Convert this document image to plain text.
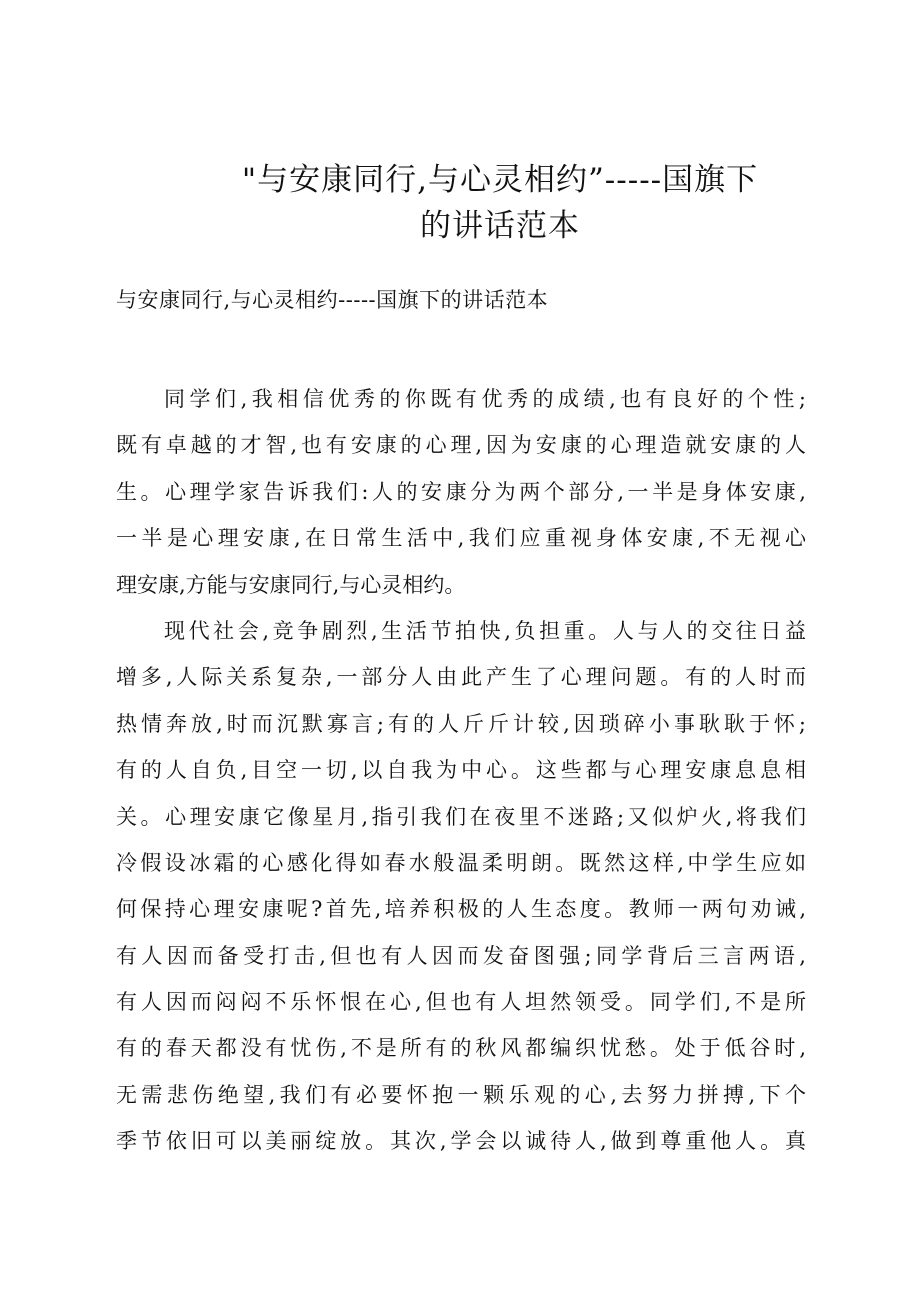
"与安康同行,与心灵相约”-----国旗下
的讲话范本
与安康同行,与心灵相约-----国旗下的讲话范本
同学们,我相信优秀的你既有优秀的成绩,也有良好的个性;
既有卓越的才智,也有安康的心理,因为安康的心理造就安康的人
生。心理学家告诉我们:人的安康分为两个部分,一半是身体安康,
一半是心理安康,在日常生活中,我们应重视身体安康,不无视心
理安康,方能与安康同行,与心灵相约。
现代社会,竞争剧烈,生活节拍快,负担重。人与人的交往日益
增多,人际关系复杂,一部分人由此产生了心理问题。有的人时而
热情奔放,时而沉默寡言;有的人斤斤计较,因琐碎小事耿耿于怀;
有的人自负,目空一切,以自我为中心。这些都与心理安康息息相
关。心理安康它像星月,指引我们在夜里不迷路;又似炉火,将我们
冷假设冰霜的心感化得如春水般温柔明朗。既然这样,中学生应如
何保持心理安康呢?首先,培养积极的人生态度。教师一两句劝诫,
有人因而备受打击,但也有人因而发奋图强;同学背后三言两语,
有人因而闷闷不乐怀恨在心,但也有人坦然领受。同学们,不是所
有的春天都没有忧伤,不是所有的秋风都编织忧愁。处于低谷时,
无需悲伤绝望,我们有必要怀抱一颗乐观的心,去努力拼搏,下个
季节依旧可以美丽绽放。其次,学会以诚待人,做到尊重他人。真
